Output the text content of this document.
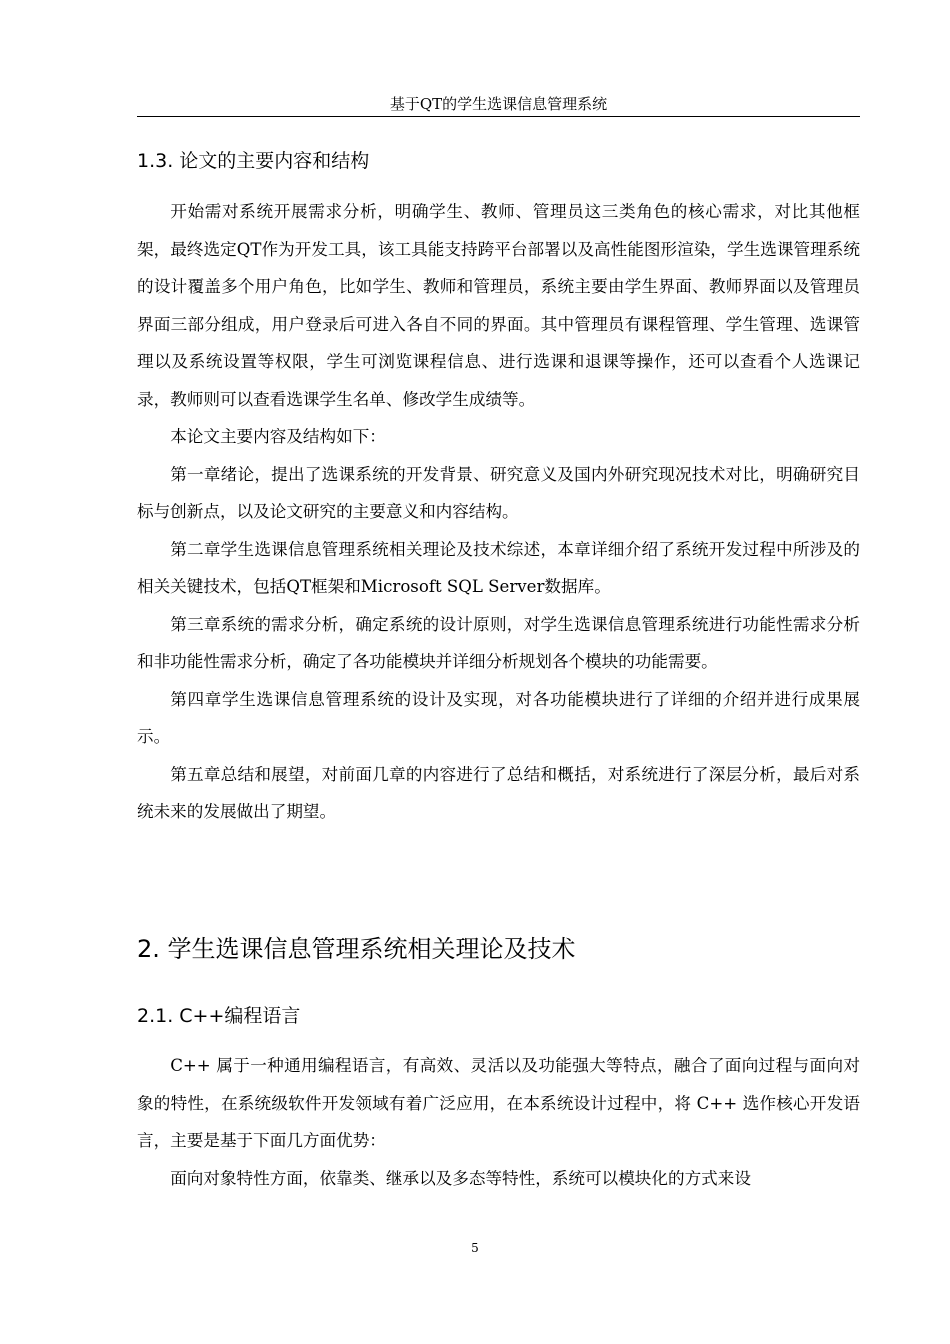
基于QT的学生选课信息管理系统
1.3. 论文的主要内容和结构

开始需对系统开展需求分析，明确学生、教师、管理员这三类角色的核心需求，对比其他框架，最终选定QT作为开发工具，该工具能支持跨平台部署以及高性能图形渲染，学生选课管理系统的设计覆盖多个用户角色，比如学生、教师和管理员，系统主要由学生界面、教师界面以及管理员界面三部分组成，用户登录后可进入各自不同的界面。其中管理员有课程管理、学生管理、选课管理以及系统设置等权限，学生可浏览课程信息、进行选课和退课等操作，还可以查看个人选课记录，教师则可以查看选课学生名单、修改学生成绩等。

本论文主要内容及结构如下：

第一章绪论，提出了选课系统的开发背景、研究意义及国内外研究现况技术对比，明确研究目标与创新点，以及论文研究的主要意义和内容结构。

第二章学生选课信息管理系统相关理论及技术综述，本章详细介绍了系统开发过程中所涉及的相关关键技术，包括QT框架和Microsoft SQL Server数据库。

第三章系统的需求分析，确定系统的设计原则，对学生选课信息管理系统进行功能性需求分析和非功能性需求分析，确定了各功能模块并详细分析规划各个模块的功能需要。

第四章学生选课信息管理系统的设计及实现，对各功能模块进行了详细的介绍并进行成果展示。

第五章总结和展望，对前面几章的内容进行了总结和概括，对系统进行了深层分析，最后对系统未来的发展做出了期望。

2. 学生选课信息管理系统相关理论及技术
2.1. C++编程语言

C++ 属于一种通用编程语言，有高效、灵活以及功能强大等特点，融合了面向过程与面向对象的特性，在系统级软件开发领域有着广泛应用，在本系统设计过程中，将 C++ 选作核心开发语言，主要是基于下面几方面优势：

面向对象特性方面，依靠类、继承以及多态等特性，系统可以模块化的方式来设

5
